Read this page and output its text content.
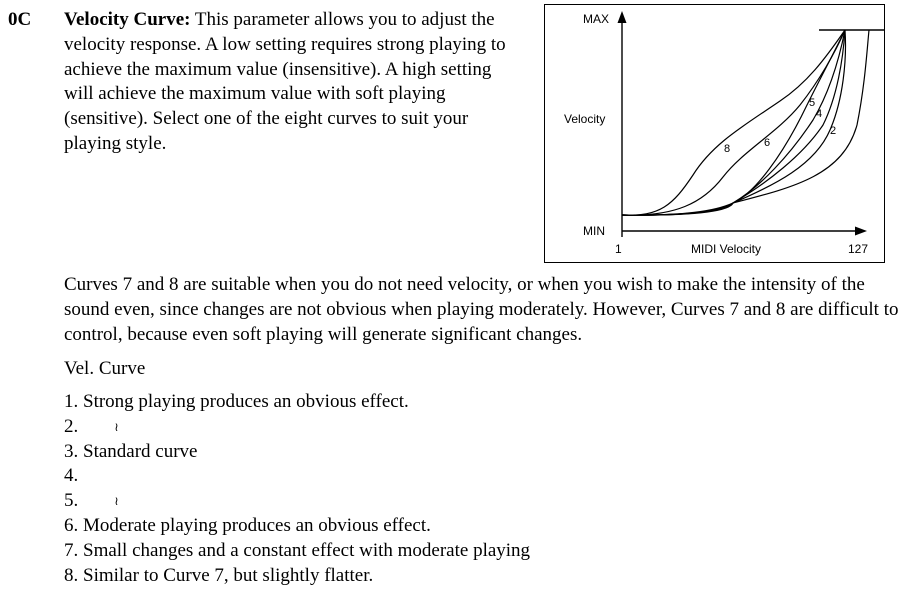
0C Velocity Curve: This parameter allows you to adjust the velocity response. A low setting requires strong playing to achieve the maximum value (insensitive). A high setting will achieve the maximum value with soft playing (sensitive). Select one of the eight curves to suit your playing style.
MAX
MIN
Velocity
1	MIDI Velocity	127
8	6
5
4
2
Curves 7 and 8 are suitable when you do not need velocity, or when you wish to make the intensity of the sound even, since changes are not obvious when playing moderately. However, Curves 7 and 8 are difficult to control, because even soft playing will generate significant changes.
Vel. Curve
1. Strong playing produces an obvious effect.
2.	≀
3. Standard curve
4.
5.	≀
6. Moderate playing produces an obvious effect.
7. Small changes and a constant effect with moderate playing
8. Similar to Curve 7, but slightly flatter.
